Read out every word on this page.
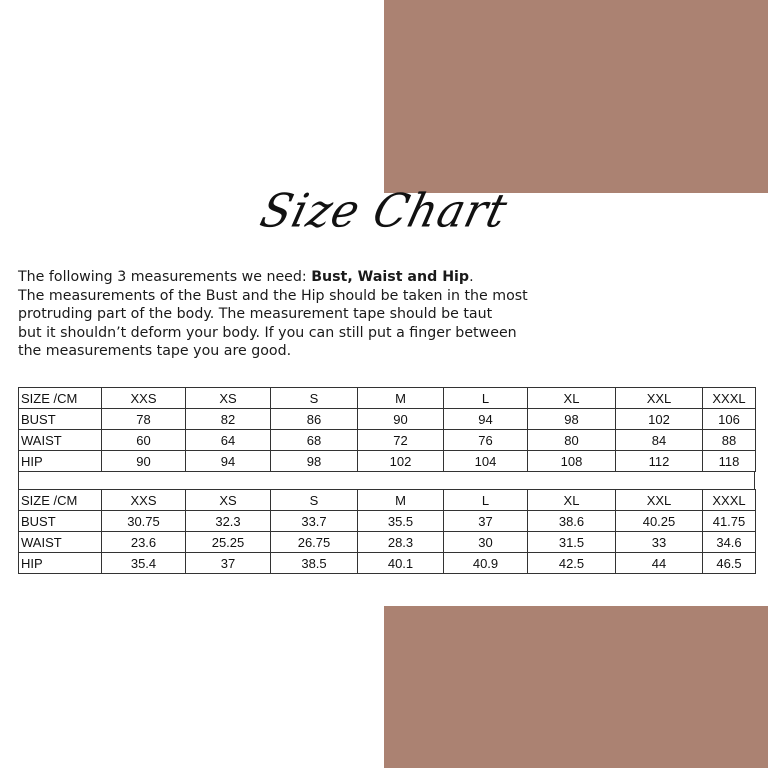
Size Chart

The following 3 measurements we need: Bust, Waist and Hip.

The measurements of the Bust and the Hip should be taken in the most

protruding part of the body. The measurement tape should be taut

but it shouldn’t deform your body. If you can still put a finger between

the measurements tape you are good.

SIZE /CM	XXS	XS	S	M	L	XL	XXL	XXXL
BUST	78	82	86	90	94	98	102	106
WAIST	60	64	68	72	76	80	84	88
HIP	90	94	98	102	104	108	112	118
SIZE /CM	XXS	XS	S	M	L	XL	XXL	XXXL
BUST	30.75	32.3	33.7	35.5	37	38.6	40.25	41.75
WAIST	23.6	25.25	26.75	28.3	30	31.5	33	34.6
HIP	35.4	37	38.5	40.1	40.9	42.5	44	46.5
